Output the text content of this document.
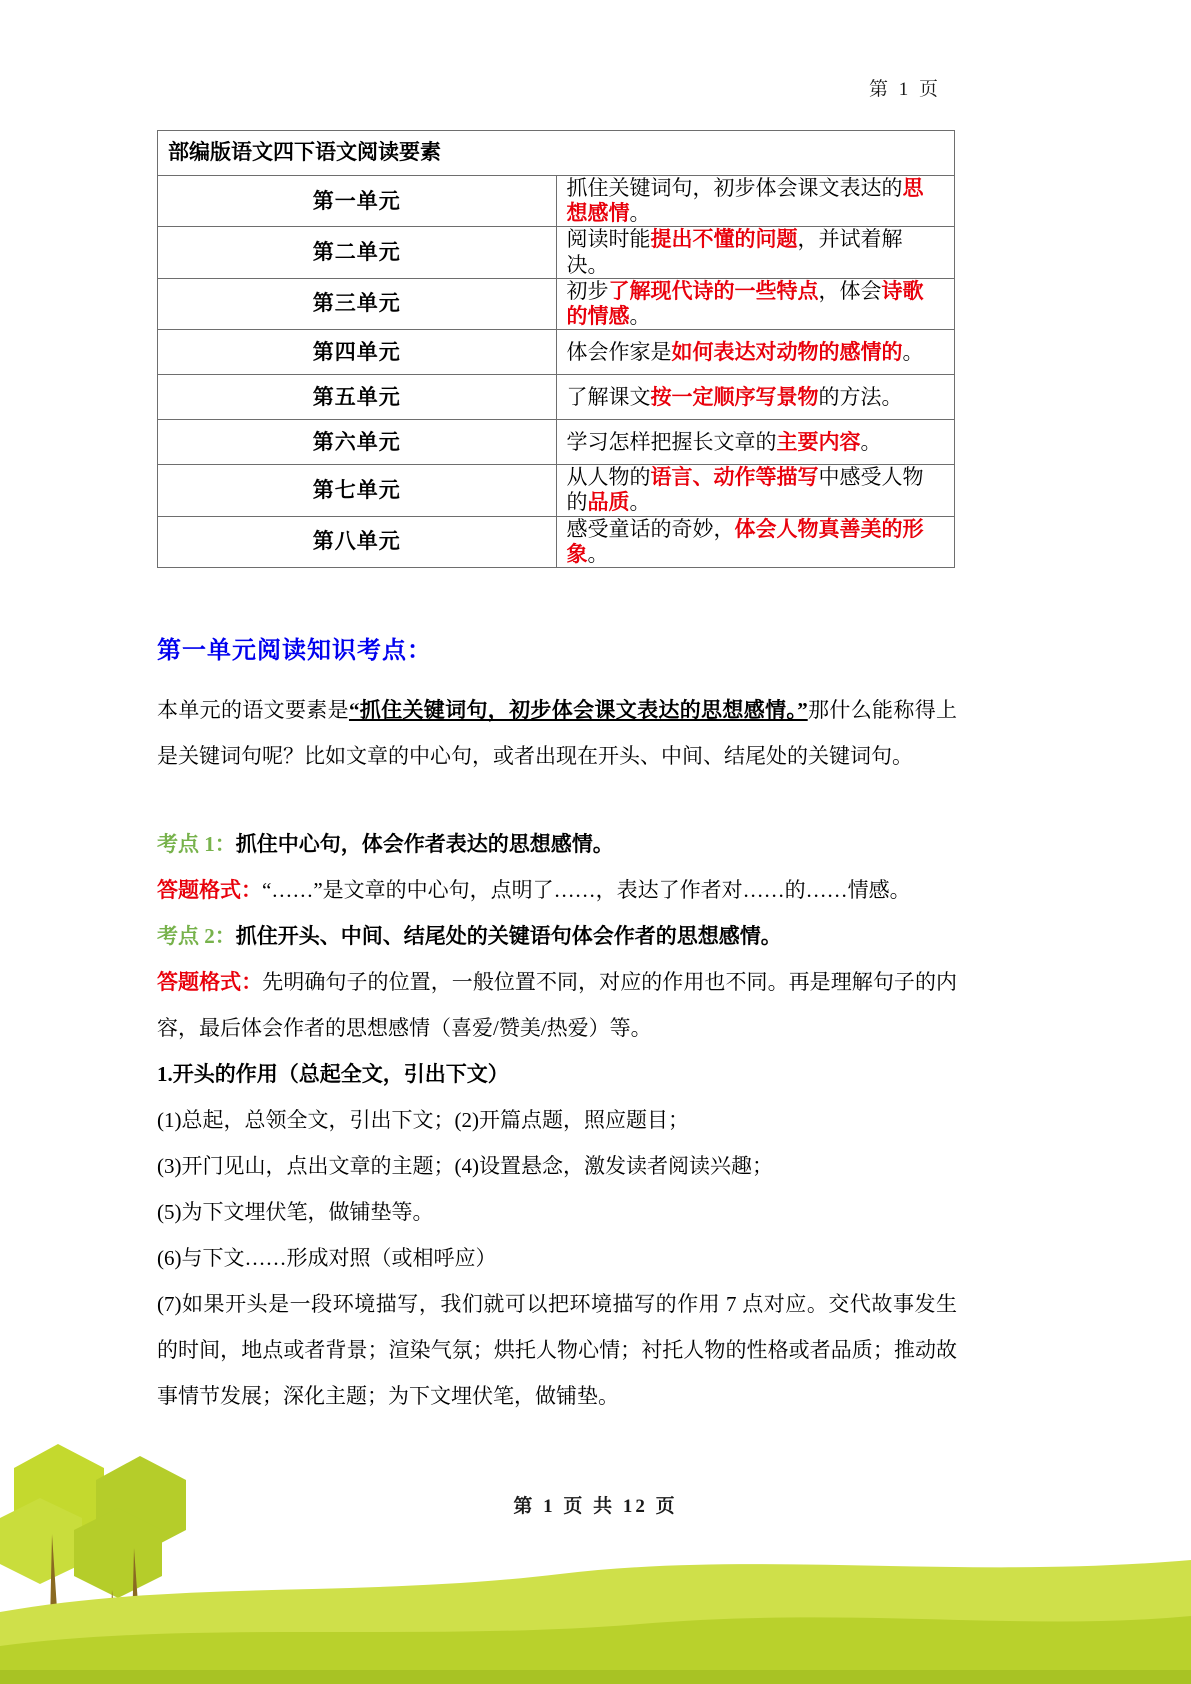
第 1 页
部编版语文四下语文阅读要素	
第一单元	抓住关键词句，初步体会课文表达的思想感情。
第二单元	阅读时能提出不懂的问题，并试着解决。
第三单元	初步了解现代诗的一些特点，体会诗歌的情感。
第四单元	体会作家是如何表达对动物的感情的。
第五单元	了解课文按一定顺序写景物的方法。
第六单元	学习怎样把握长文章的主要内容。
第七单元	从人物的语言、动作等描写中感受人物的品质。
第八单元	感受童话的奇妙，体会人物真善美的形象。
第一单元阅读知识考点：

本单元的语文要素是“抓住关键词句，初步体会课文表达的思想感情。”那什么能称得上是关键词句呢？比如文章的中心句，或者出现在开头、中间、结尾处的关键词句。

考点 1：抓住中心句，体会作者表达的思想感情。

答题格式：“……”是文章的中心句，点明了……，表达了作者对……的……情感。

考点 2：抓住开头、中间、结尾处的关键语句体会作者的思想感情。

答题格式：先明确句子的位置，一般位置不同，对应的作用也不同。再是理解句子的内容，最后体会作者的思想感情（喜爱/赞美/热爱）等。

1.开头的作用（总起全文，引出下文）

(1)总起，总领全文，引出下文；(2)开篇点题，照应题目；

(3)开门见山，点出文章的主题；(4)设置悬念，激发读者阅读兴趣；

(5)为下文埋伏笔，做铺垫等。

(6)与下文……形成对照（或相呼应）

(7)如果开头是一段环境描写，我们就可以把环境描写的作用 7 点对应。交代故事发生的时间，地点或者背景；渲染气氛；烘托人物心情；衬托人物的性格或者品质；推动故事情节发展；深化主题；为下文埋伏笔，做铺垫。

第 1 页 共 12 页
